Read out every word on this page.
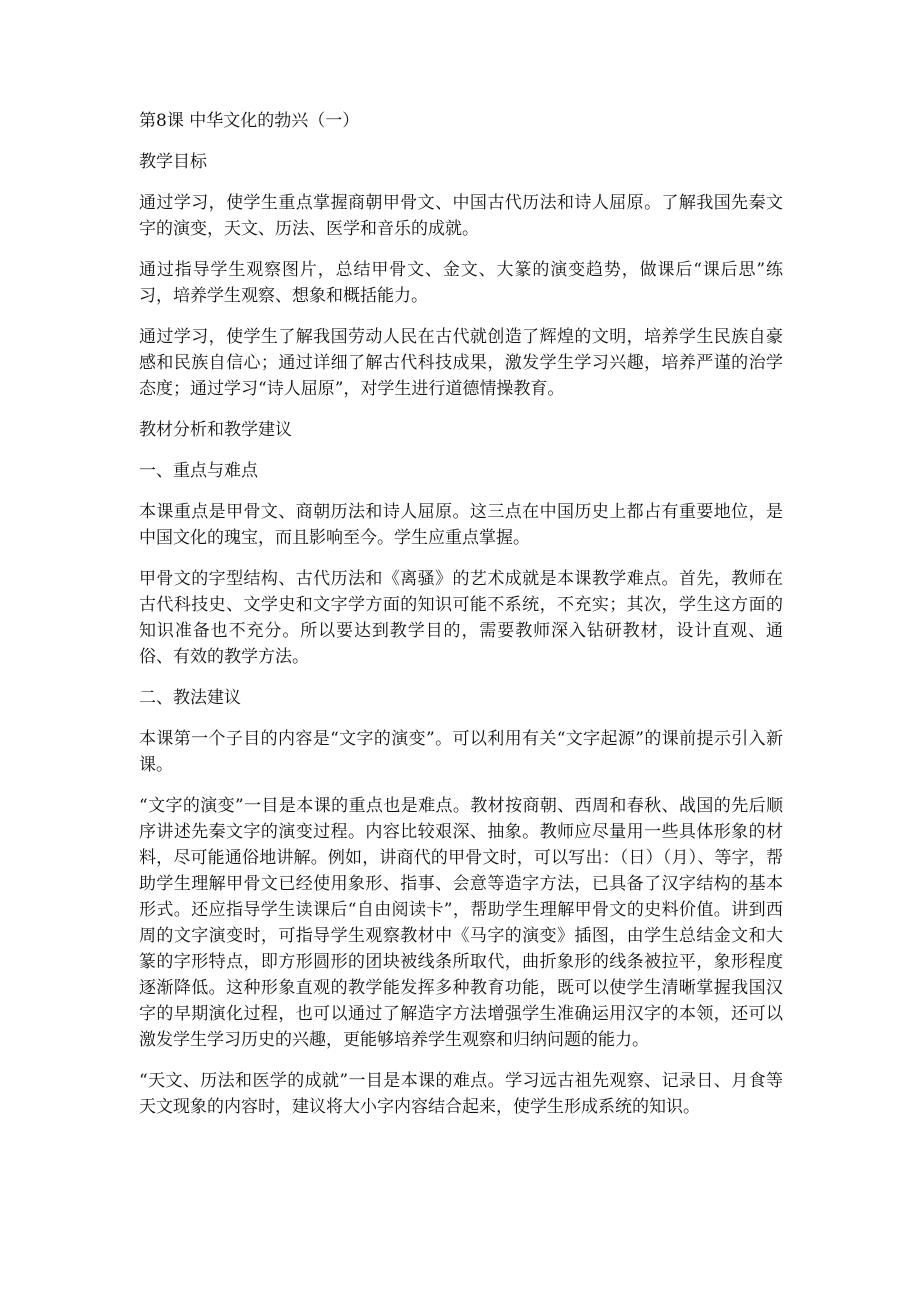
第8课 中华文化的勃兴（一）
教学目标
通过学习，使学生重点掌握商朝甲骨文、中国古代历法和诗人屈原。了解我国先秦文字的演变，天文、历法、医学和音乐的成就。
通过指导学生观察图片，总结甲骨文、金文、大篆的演变趋势，做课后“课后思”练习，培养学生观察、想象和概括能力。
通过学习，使学生了解我国劳动人民在古代就创造了辉煌的文明，培养学生民族自豪感和民族自信心；通过详细了解古代科技成果，激发学生学习兴趣，培养严谨的治学态度；通过学习“诗人屈原”，对学生进行道德情操教育。
教材分析和教学建议
一、重点与难点
本课重点是甲骨文、商朝历法和诗人屈原。这三点在中国历史上都占有重要地位，是中国文化的瑰宝，而且影响至今。学生应重点掌握。
甲骨文的字型结构、古代历法和《离骚》的艺术成就是本课教学难点。首先，教师在古代科技史、文学史和文字学方面的知识可能不系统，不充实；其次，学生这方面的知识准备也不充分。所以要达到教学目的，需要教师深入钻研教材，设计直观、通俗、有效的教学方法。
二、教法建议
本课第一个子目的内容是“文字的演变”。可以利用有关“文字起源”的课前提示引入新课。
“文字的演变”一目是本课的重点也是难点。教材按商朝、西周和春秋、战国的先后顺序讲述先秦文字的演变过程。内容比较艰深、抽象。教师应尽量用一些具体形象的材料，尽可能通俗地讲解。例如，讲商代的甲骨文时，可以写出：（日）（月）、等字，帮助学生理解甲骨文已经使用象形、指事、会意等造字方法，已具备了汉字结构的基本形式。还应指导学生读课后“自由阅读卡”，帮助学生理解甲骨文的史料价值。讲到西周的文字演变时，可指导学生观察教材中《马字的演变》插图，由学生总结金文和大篆的字形特点，即方形圆形的团块被线条所取代，曲折象形的线条被拉平，象形程度逐渐降低。这种形象直观的教学能发挥多种教育功能，既可以使学生清晰掌握我国汉字的早期演化过程，也可以通过了解造字方法增强学生准确运用汉字的本领，还可以激发学生学习历史的兴趣，更能够培养学生观察和归纳问题的能力。
“天文、历法和医学的成就”一目是本课的难点。学习远古祖先观察、记录日、月食等天文现象的内容时，建议将大小字内容结合起来，使学生形成系统的知识。
